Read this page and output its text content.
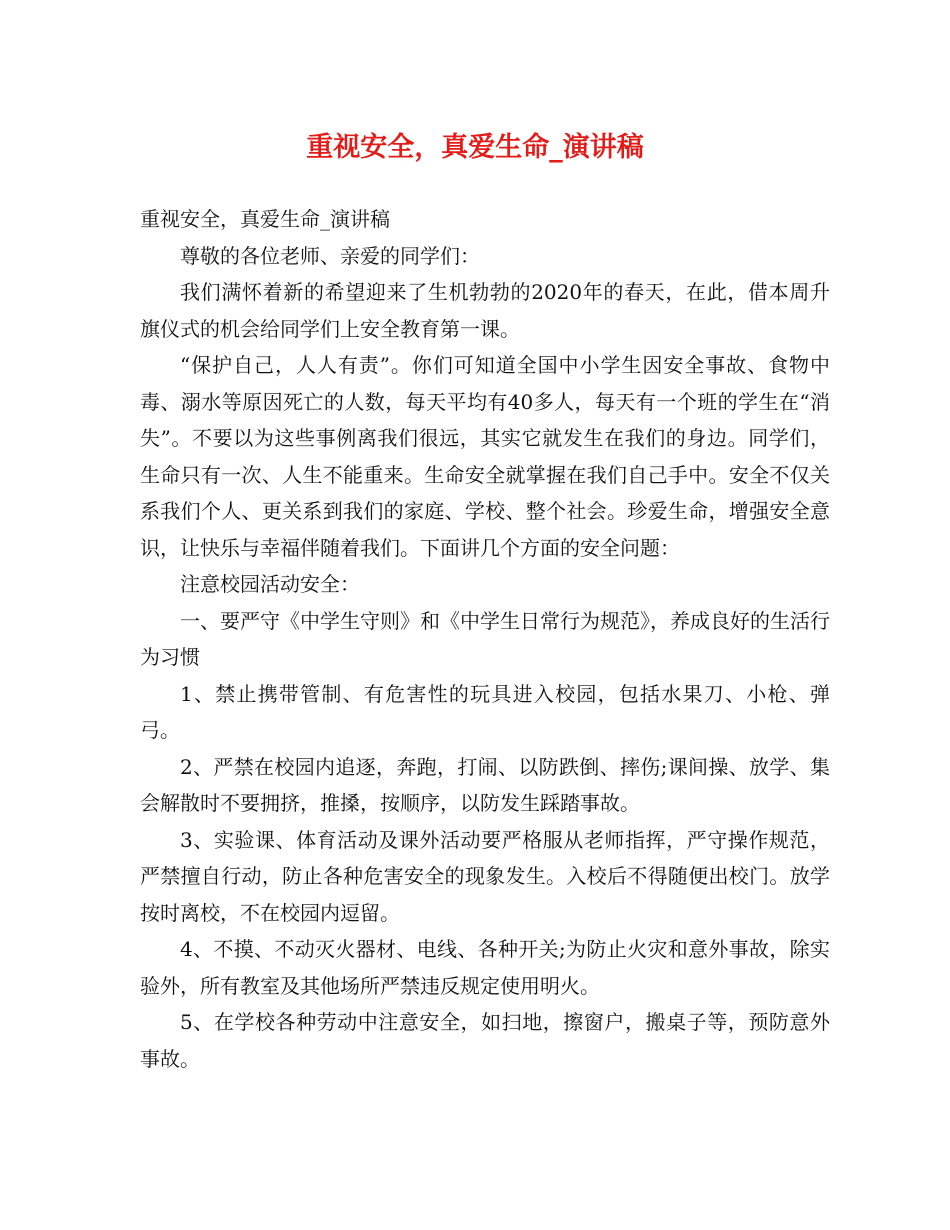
重视安全，真爱生命_演讲稿

重视安全，真爱生命_演讲稿

尊敬的各位老师、亲爱的同学们：

我们满怀着新的希望迎来了生机勃勃的2020年的春天，在此，借本周升旗仪式的机会给同学们上安全教育第一课。

“保护自己，人人有责”。你们可知道全国中小学生因安全事故、食物中毒、溺水等原因死亡的人数，每天平均有40多人，每天有一个班的学生在“消失”。不要以为这些事例离我们很远，其实它就发生在我们的身边。同学们，生命只有一次、人生不能重来。生命安全就掌握在我们自己手中。安全不仅关系我们个人、更关系到我们的家庭、学校、整个社会。珍爱生命，增强安全意识，让快乐与幸福伴随着我们。下面讲几个方面的安全问题：

注意校园活动安全：

一、要严守《中学生守则》和《中学生日常行为规范》，养成良好的生活行为习惯

1、禁止携带管制、有危害性的玩具进入校园，包括水果刀、小枪、弹弓。

2、严禁在校园内追逐，奔跑，打闹、以防跌倒、摔伤;课间操、放学、集会解散时不要拥挤，推搡，按顺序，以防发生踩踏事故。

3、实验课、体育活动及课外活动要严格服从老师指挥，严守操作规范，严禁擅自行动，防止各种危害安全的现象发生。入校后不得随便出校门。放学按时离校，不在校园内逗留。

4、不摸、不动灭火器材、电线、各种开关;为防止火灾和意外事故，除实验外，所有教室及其他场所严禁违反规定使用明火。

5、在学校各种劳动中注意安全，如扫地，擦窗户，搬桌子等，预防意外事故。
